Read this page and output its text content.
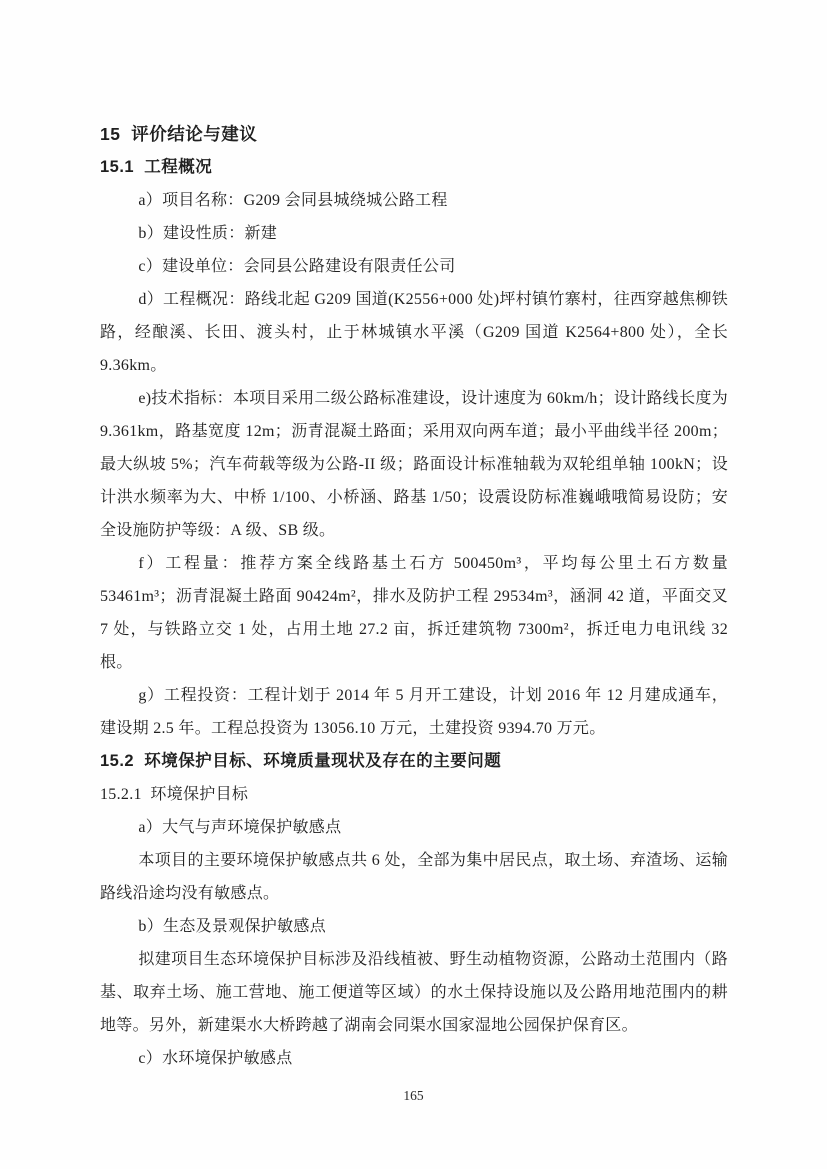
15  评价结论与建议

15.1  工程概况

a）项目名称：G209 会同县城绕城公路工程

b）建设性质：新建

c）建设单位：会同县公路建设有限责任公司

d）工程概况：路线北起 G209 国道(K2556+000 处)坪村镇竹寨村，往西穿越焦柳铁路，经酿溪、长田、渡头村，止于林城镇水平溪（G209 国道 K2564+800 处），全长 9.36km。

e)技术指标：本项目采用二级公路标准建设，设计速度为 60km/h；设计路线长度为 9.361km，路基宽度 12m；沥青混凝土路面；采用双向两车道；最小平曲线半径 200m；最大纵坡 5%；汽车荷载等级为公路-II 级；路面设计标准轴载为双轮组单轴 100kN；设计洪水频率为大、中桥 1/100、小桥涵、路基 1/50；设震设防标准巍峨哦简易设防；安全设施防护等级：A 级、SB 级。

f）工程量：推荐方案全线路基土石方 500450m³，平均每公里土石方数量 53461m³；沥青混凝土路面 90424m²，排水及防护工程 29534m³，涵洞 42 道，平面交叉 7 处，与铁路立交 1 处，占用土地 27.2 亩，拆迁建筑物 7300m²，拆迁电力电讯线 32 根。

g）工程投资：工程计划于 2014 年 5 月开工建设，计划 2016 年 12 月建成通车，建设期 2.5 年。工程总投资为 13056.10 万元，土建投资 9394.70 万元。

15.2  环境保护目标、环境质量现状及存在的主要问题

15.2.1  环境保护目标

a）大气与声环境保护敏感点

本项目的主要环境保护敏感点共 6 处，全部为集中居民点，取土场、弃渣场、运输路线沿途均没有敏感点。

b）生态及景观保护敏感点

拟建项目生态环境保护目标涉及沿线植被、野生动植物资源，公路动土范围内（路基、取弃土场、施工营地、施工便道等区域）的水土保持设施以及公路用地范围内的耕地等。另外，新建渠水大桥跨越了湖南会同渠水国家湿地公园保护保育区。

c）水环境保护敏感点

165
